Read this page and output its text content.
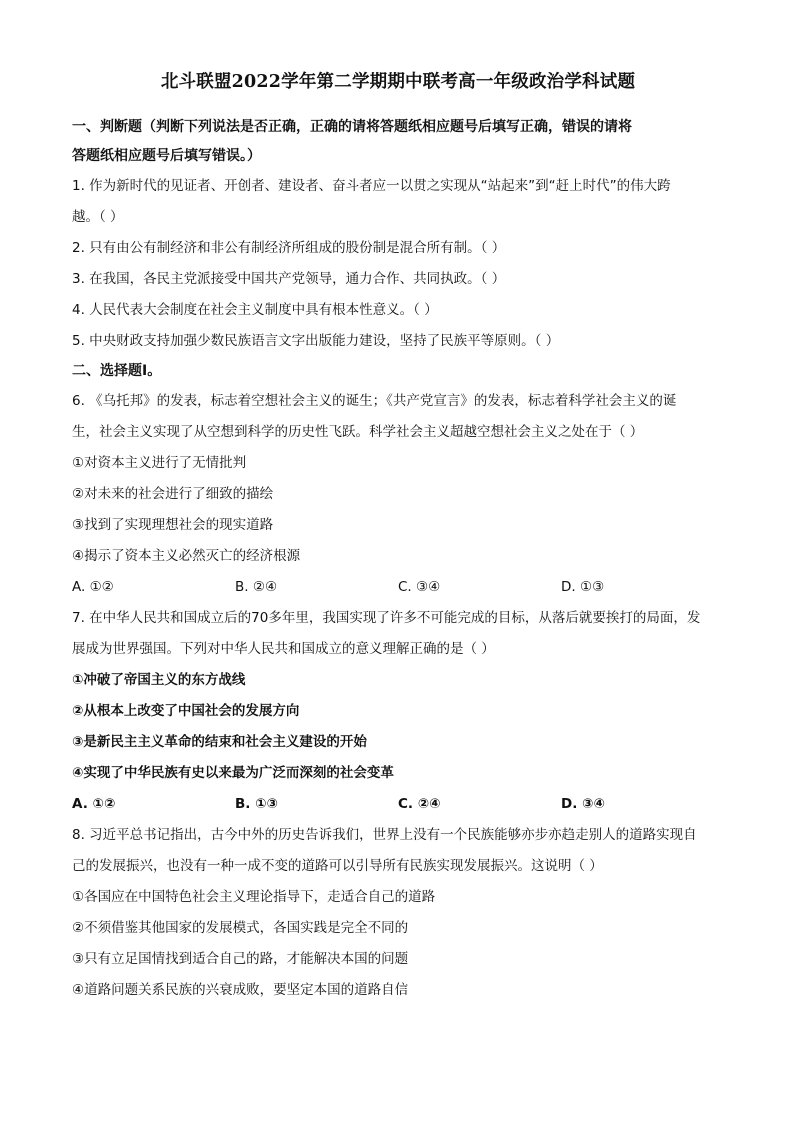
北斗联盟2022学年第二学期期中联考高一年级政治学科试题

一、判断题（判断下列说法是否正确，正确的请将答题纸相应题号后填写正确，错误的请将

答题纸相应题号后填写错误。）

1. 作为新时代的见证者、开创者、建设者、奋斗者应一以贯之实现从“站起来”到“赶上时代”的伟大跨

越。（ ）

2. 只有由公有制经济和非公有制经济所组成的股份制是混合所有制。（ ）

3. 在我国，各民主党派接受中国共产党领导，通力合作、共同执政。（ ）

4. 人民代表大会制度在社会主义制度中具有根本性意义。（ ）

5. 中央财政支持加强少数民族语言文字出版能力建设，坚持了民族平等原则。（ ）

二、选择题Ⅰ。

6. 《乌托邦》的发表，标志着空想社会主义的诞生；《共产党宣言》的发表，标志着科学社会主义的诞

生，社会主义实现了从空想到科学的历史性飞跃。科学社会主义超越空想社会主义之处在于（ ）

①对资本主义进行了无情批判

②对未来的社会进行了细致的描绘

③找到了实现理想社会的现实道路

④揭示了资本主义必然灭亡的经济根源

A. ①②	B. ②④	C. ③④	D. ①③

7. 在中华人民共和国成立后的70多年里，我国实现了许多不可能完成的目标，从落后就要挨打的局面，发

展成为世界强国。下列对中华人民共和国成立的意义理解正确的是（ ）

①冲破了帝国主义的东方战线

②从根本上改变了中国社会的发展方向

③是新民主主义革命的结束和社会主义建设的开始

④实现了中华民族有史以来最为广泛而深刻的社会变革

A. ①②	B. ①③	C. ②④	D. ③④

8. 习近平总书记指出，古今中外的历史告诉我们，世界上没有一个民族能够亦步亦趋走别人的道路实现自

己的发展振兴，也没有一种一成不变的道路可以引导所有民族实现发展振兴。这说明（ ）

①各国应在中国特色社会主义理论指导下，走适合自己的道路

②不须借鉴其他国家的发展模式，各国实践是完全不同的

③只有立足国情找到适合自己的路，才能解决本国的问题

④道路问题关系民族的兴衰成败，要坚定本国的道路自信
